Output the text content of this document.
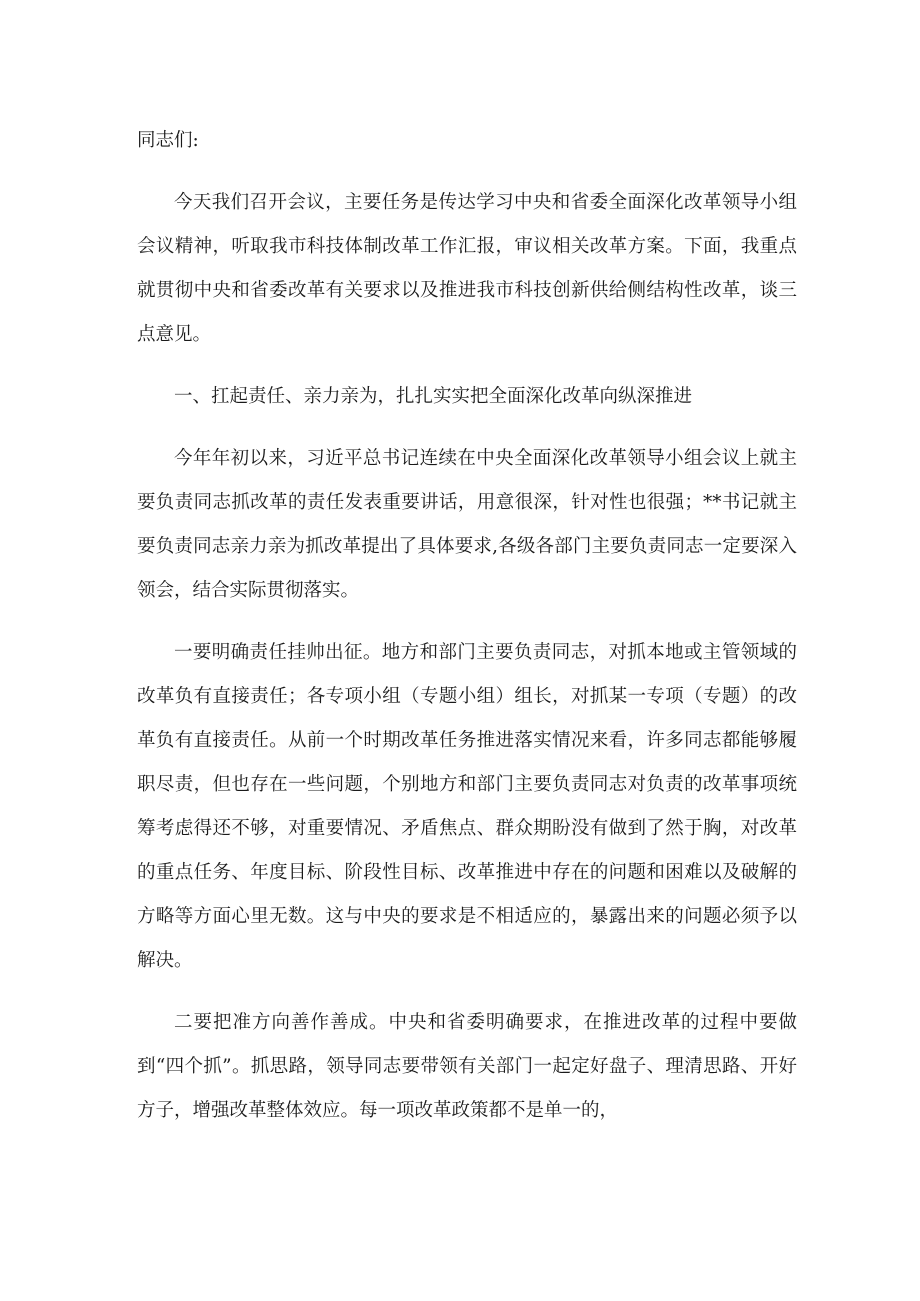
同志们:

今天我们召开会议，主要任务是传达学习中央和省委全面深化改革领导小组会议精神，听取我市科技体制改革工作汇报，审议相关改革方案。下面，我重点就贯彻中央和省委改革有关要求以及推进我市科技创新供给侧结构性改革，谈三点意见。

一、扛起责任、亲力亲为，扎扎实实把全面深化改革向纵深推进

今年年初以来，习近平总书记连续在中央全面深化改革领导小组会议上就主要负责同志抓改革的责任发表重要讲话，用意很深，针对性也很强；**书记就主要负责同志亲力亲为抓改革提出了具体要求,各级各部门主要负责同志一定要深入领会，结合实际贯彻落实。

一要明确责任挂帅出征。地方和部门主要负责同志，对抓本地或主管领域的改革负有直接责任；各专项小组（专题小组）组长，对抓某一专项（专题）的改革负有直接责任。从前一个时期改革任务推进落实情况来看，许多同志都能够履职尽责，但也存在一些问题，个别地方和部门主要负责同志对负责的改革事项统筹考虑得还不够，对重要情况、矛盾焦点、群众期盼没有做到了然于胸，对改革的重点任务、年度目标、阶段性目标、改革推进中存在的问题和困难以及破解的方略等方面心里无数。这与中央的要求是不相适应的，暴露出来的问题必须予以解决。

二要把准方向善作善成。中央和省委明确要求，在推进改革的过程中要做到“四个抓”。抓思路，领导同志要带领有关部门一起定好盘子、理清思路、开好方子，增强改革整体效应。每一项改革政策都不是单一的，
